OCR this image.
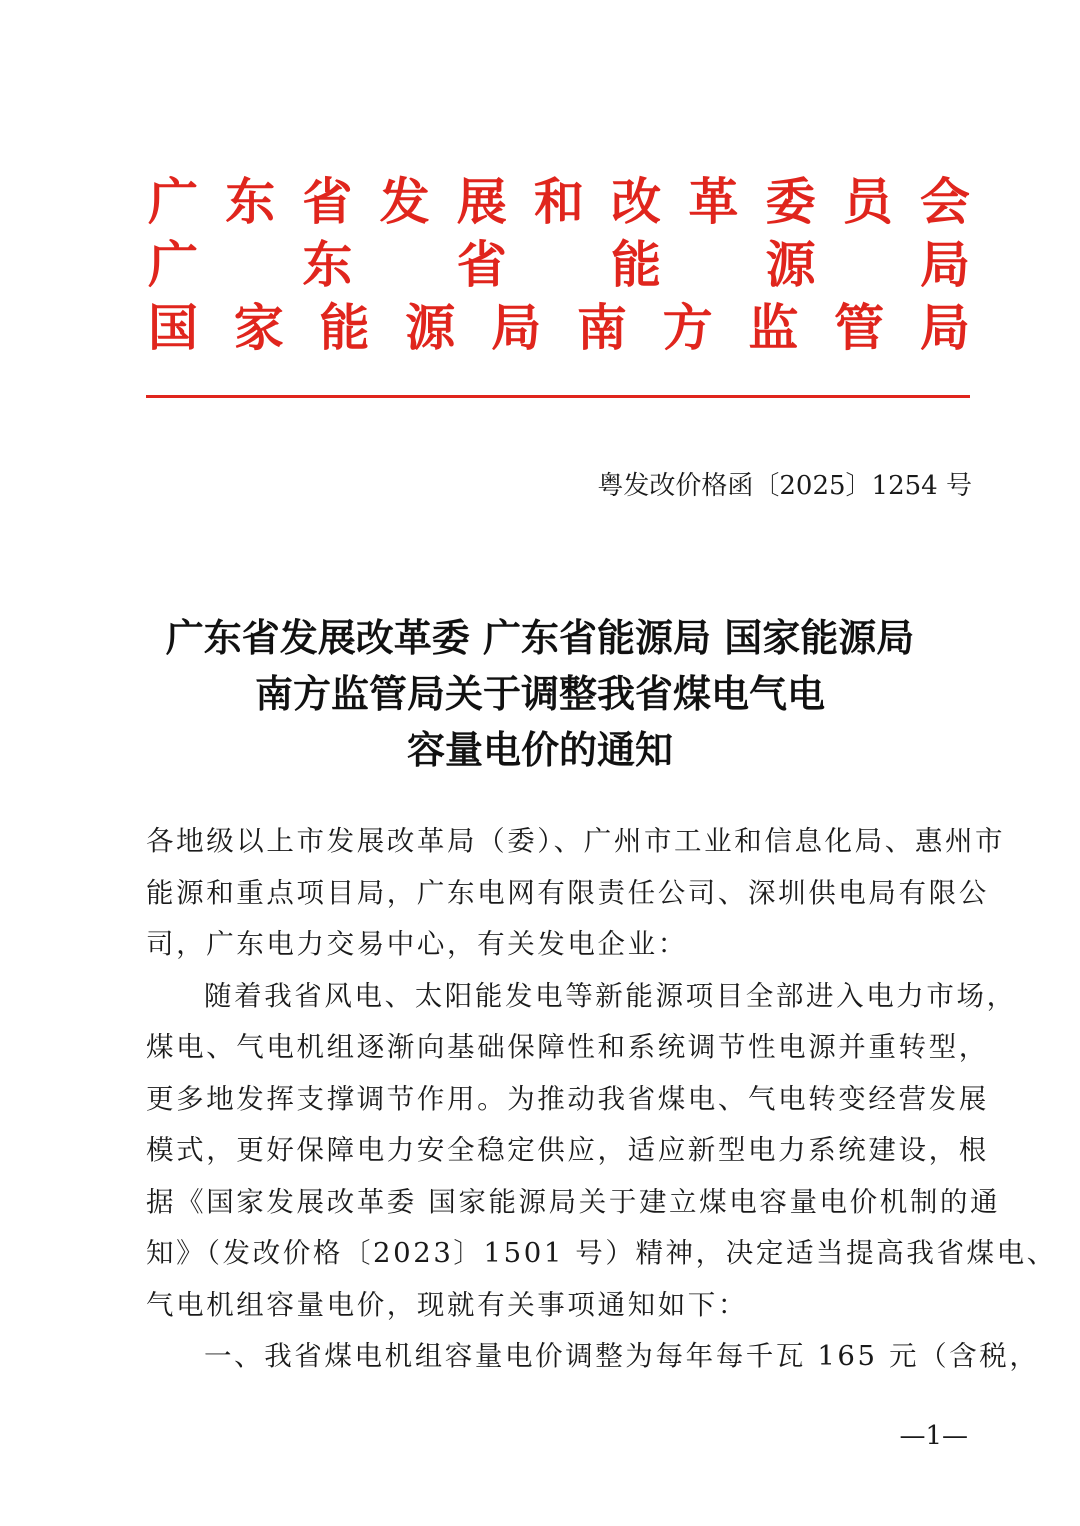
广 东 省 发 展 和 改 革 委 员 会
广 东 省 能 源 局
国 家 能 源 局 南 方 监 管 局
粤发改价格函〔2025〕1254 号
广东省发展改革委 广东省能源局 国家能源局
南方监管局关于调整我省煤电气电
容量电价的通知

各地级以上市发展改革局（委）、广州市工业和信息化局、惠州市

能源和重点项目局，广东电网有限责任公司、深圳供电局有限公

司，广东电力交易中心，有关发电企业：

随着我省风电、太阳能发电等新能源项目全部进入电力市场，

煤电、气电机组逐渐向基础保障性和系统调节性电源并重转型，

更多地发挥支撑调节作用。为推动我省煤电、气电转变经营发展

模式，更好保障电力安全稳定供应，适应新型电力系统建设，根

据《国家发展改革委 国家能源局关于建立煤电容量电价机制的通

知》（发改价格〔2023〕1501 号）精神，决定适当提高我省煤电、

气电机组容量电价，现就有关事项通知如下：

一、我省煤电机组容量电价调整为每年每千瓦 165 元（含税，

—1—
